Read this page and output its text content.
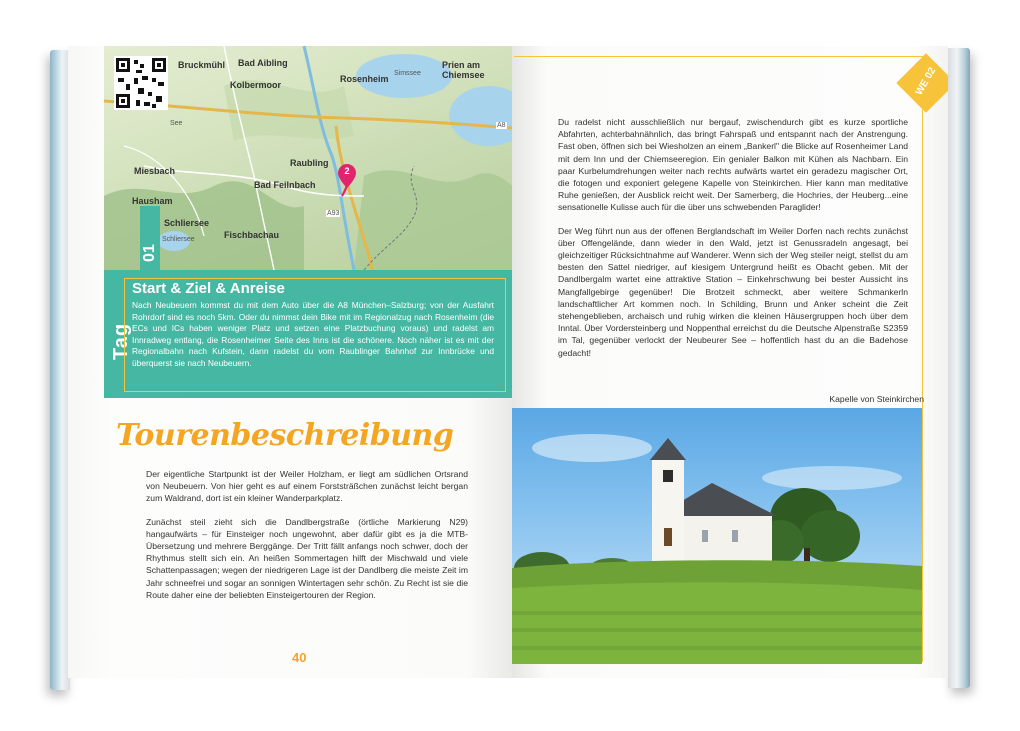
Bruckmühl Bad Aibling
Rosenheim
Kolbermoor
Prien am Chiemsee
Raubling
Miesbach
Bad Feilnbach
Hausham
Schliersee
Fischbachau
Simssee
See
Schliersee
A8
A93
2
01
Tag
Start & Ziel & Anreise

Nach Neubeuern kommst du mit dem Auto über die A8 München–Salzburg; von der Ausfahrt Rohrdorf sind es noch 5km. Oder du nimmst dein Bike mit im Regionalzug nach Rosenheim (die ECs und ICs haben weniger Platz und setzen eine Platzbuchung voraus) und radelst am Innradweg entlang, die Rosenheimer Seite des Inns ist die schönere. Noch näher ist es mit der Regionalbahn nach Kufstein, dann radelst du vom Raublinger Bahnhof zur Innbrücke und überquerst sie nach Neubeuern.

Tourenbeschreibung

Der eigentliche Startpunkt ist der Weiler Holzham, er liegt am südlichen Ortsrand von Neubeuern. Von hier geht es auf einem Forststräßchen zunächst leicht bergan zum Waldrand, dort ist ein kleiner Wanderparkplatz.

Zunächst steil zieht sich die Dandlbergstraße (örtliche Markierung N29) hangaufwärts – für Einsteiger noch ungewohnt, aber dafür gibt es ja die MTB-Übersetzung und mehrere Berggänge. Der Tritt fällt anfangs noch schwer, doch der Rhythmus stellt sich ein. An heißen Sommertagen hilft der Mischwald und viele Schattenpassagen; wegen der niedrigeren Lage ist der Dandlberg die meiste Zeit im Jahr schneefrei und sogar an sonnigen Wintertagen sehr schön. Zu Recht ist sie die Route daher eine der beliebten Einsteigertouren der Region.

40

Du radelst nicht ausschließlich nur bergauf, zwischendurch gibt es kurze sportliche Abfahrten, achterbahnähnlich, das bringt Fahrspaß und entspannt nach der Anstrengung. Fast oben, öffnen sich bei Wiesholzen an einem „Bankerl" die Blicke auf Rosenheimer Land mit dem Inn und der Chiemseeregion. Ein genialer Balkon mit Kühen als Nachbarn. Ein paar Kurbelumdrehungen weiter nach rechts aufwärts wartet ein geradezu magischer Ort, die fotogen und exponiert gelegene Kapelle von Steinkirchen. Hier kann man meditative Ruhe genießen, der Ausblick reicht weit. Der Samerberg, die Hochries, der Heuberg...eine sensationelle Kulisse auch für die über uns schwebenden Paraglider!

Der Weg führt nun aus der offenen Berglandschaft im Weiler Dorfen nach rechts zunächst über Offengelände, dann wieder in den Wald, jetzt ist Genussradeln angesagt, bei gleichzeitiger Rücksichtnahme auf Wanderer. Wenn sich der Weg steiler neigt, stellst du am besten den Sattel niedriger, auf kiesigem Untergrund heißt es Obacht geben. Mit der Dandlbergalm wartet eine attraktive Station – Einkehrschwung bei bester Aussicht ins Mangfallgebirge gegenüber! Die Brotzeit schmeckt, aber weitere Schmankerln landschaftlicher Art kommen noch. In Schilding, Brunn und Anker scheint die Zeit stehengeblieben, archaisch und ruhig wirken die kleinen Häusergruppen hoch über dem Inntal. Über Vordersteinberg und Noppenthal erreichst du die Deutsche Alpenstraße S2359 im Tal, gegenüber verlockt der Neubeurer See – hoffentlich hast du an die Badehose gedacht!

Kapelle von Steinkirchen
WE 02
